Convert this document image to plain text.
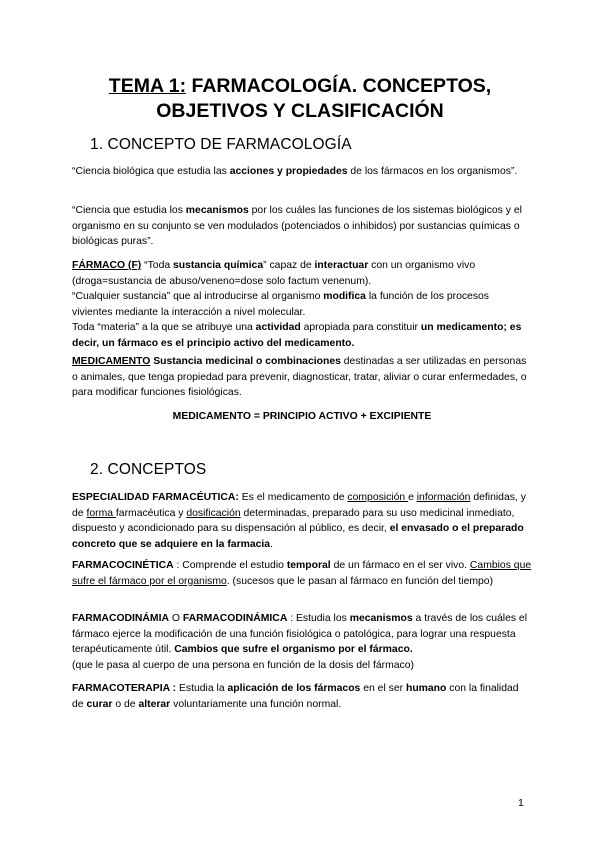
TEMA 1: FARMACOLOGÍA. CONCEPTOS,
OBJETIVOS Y CLASIFICACIÓN
1. CONCEPTO DE FARMACOLOGÍA
“Ciencia biológica que estudia las acciones y propiedades de los fármacos en los organismos”.
“Ciencia que estudia los mecanismos por los cuáles las funciones de los sistemas biológicos y el organismo en su conjunto se ven modulados (potenciados o inhibidos) por sustancias químicas o biológicas puras”.
FÁRMACO (F) “Toda sustancia química” capaz de interactuar con un organismo vivo (droga=sustancia de abuso/veneno=dose solo factum venenum).
“Cualquier sustancia” que al introducirse al organismo modifica la función de los procesos vivientes mediante la interacción a nivel molecular.
Toda “materia” a la que se atribuye una actividad apropiada para constituir un medicamento; es decir, un fármaco es el principio activo del medicamento.
MEDICAMENTO Sustancia medicinal o combinaciones destinadas a ser utilizadas en personas o animales, que tenga propiedad para prevenir, diagnosticar, tratar, aliviar o curar enfermedades, o para modificar funciones fisiológicas.
MEDICAMENTO = PRINCIPIO ACTIVO + EXCIPIENTE
2. CONCEPTOS
ESPECIALIDAD FARMACÉUTICA: Es el medicamento de composición e información definidas, y de forma farmacéutica y dosificación determinadas, preparado para su uso medicinal inmediato, dispuesto y acondicionado para su dispensación al público, es decir, el envasado o el preparado concreto que se adquiere en la farmacia.
FARMACOCINÉTICA : Comprende el estudio temporal de un fármaco en el ser vivo. Cambios que sufre el fármaco por el organismo. (sucesos que le pasan al fármaco en función del tiempo)
FARMACODINÁMIA O FARMACODINÁMICA : Estudia los mecanismos a través de los cuáles el fármaco ejerce la modificación de una función fisiológica o patológica, para lograr una respuesta terapéuticamente útil. Cambios que sufre el organismo por el fármaco.
(que le pasa al cuerpo de una persona en función de la dosis del fármaco)
FARMACOTERAPIA : Estudia la aplicación de los fármacos en el ser humano con la finalidad de curar o de alterar voluntariamente una función normal.
1
